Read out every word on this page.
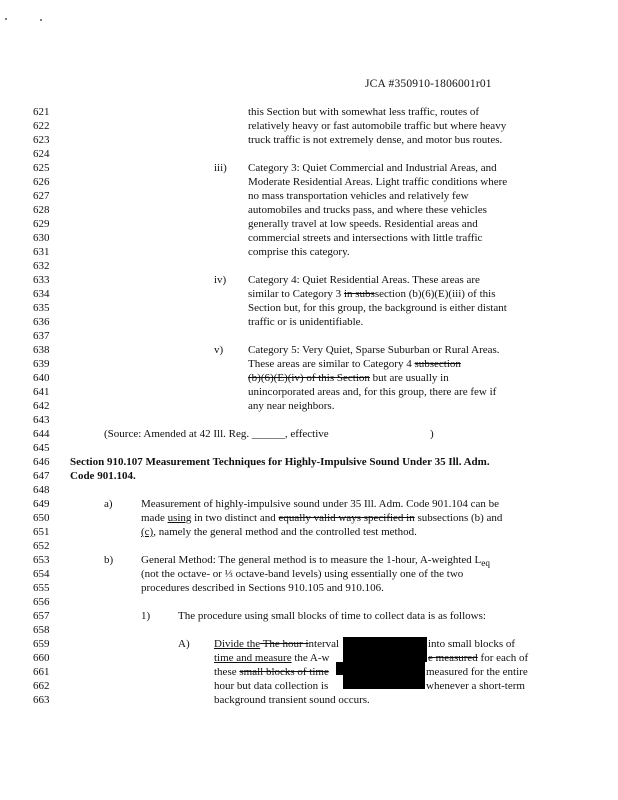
JCA #350910-1806001r01
621
622
623
624
625
626
627
628
629
630
631
632
633
634
635
636
637
638
639
640
641
642
643
644
645
646
647
648
649
650
651
652
653
654
655
656
657
658
659
660
661
662
663
this Section but with somewhat less traffic, routes of
relatively heavy or fast automobile traffic but where heavy
truck traffic is not extremely dense, and motor bus routes.
iii) Category 3: Quiet Commercial and Industrial Areas, and
Moderate Residential Areas. Light traffic conditions where
no mass transportation vehicles and relatively few
automobiles and trucks pass, and where these vehicles
generally travel at low speeds. Residential areas and
commercial streets and intersections with little traffic
comprise this category.
iv) Category 4: Quiet Residential Areas. These areas are
similar to Category 3 in subssection (b)(6)(E)(iii) of this
Section but, for this group, the background is either distant
traffic or is unidentifiable.
v) Category 5: Very Quiet, Sparse Suburban or Rural Areas.
These areas are similar to Category 4 subsection
(b)(6)(E)(iv) of this Section but are usually in
unincorporated areas and, for this group, there are few if
any near neighbors.
(Source: Amended at 42 Ill. Reg. ______, effective	)
Section 910.107 Measurement Techniques for Highly-Impulsive Sound Under 35 Ill. Adm.
Code 901.104.
a)	Measurement of highly-impulsive sound under 35 Ill. Adm. Code 901.104 can be
made using in two distinct and equally valid ways specified in subsections (b) and
(c), namely the general method and the controlled test method.
b)	General Method: The general method is to measure the 1-hour, A-weighted $L_{eq}$
(not the octave- or ⅓ octave-band levels) using essentially one of the two
procedures described in Sections 910.105 and 910.106.
1)	The procedure using small blocks of time to collect data is as follows:
A) Divide the The hour interval	into small blocks of
time and measure the A-w	e measured for each of
these small blocks of time	measured for the entire
hour but data collection is	whenever a short-term
background transient sound occurs.
